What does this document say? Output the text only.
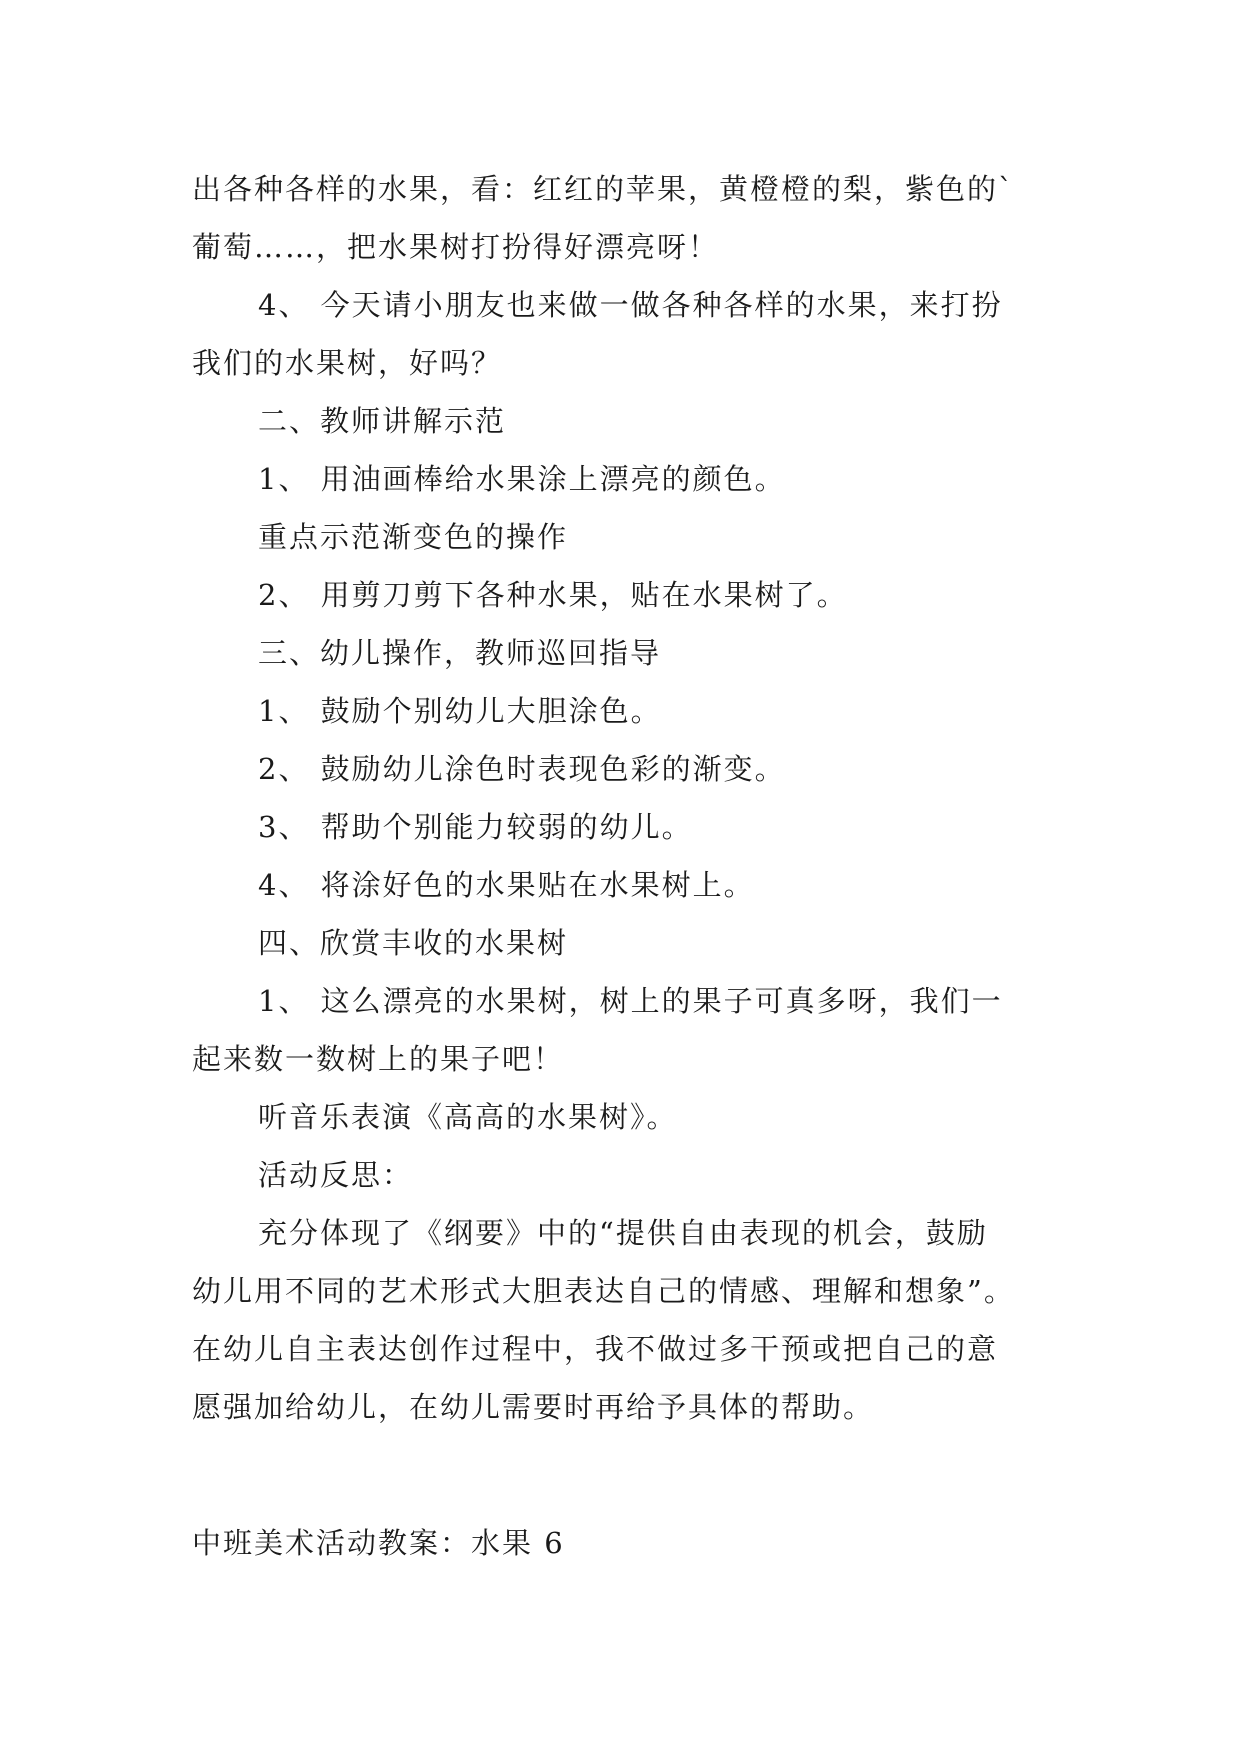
出各种各样的水果，看：红红的苹果，黄橙橙的梨，紫色的`

葡萄……，把水果树打扮得好漂亮呀！

4、 今天请小朋友也来做一做各种各样的水果，来打扮

我们的水果树，好吗？

二、教师讲解示范

1、 用油画棒给水果涂上漂亮的颜色。

重点示范渐变色的操作

2、 用剪刀剪下各种水果，贴在水果树了。

三、幼儿操作，教师巡回指导

1、 鼓励个别幼儿大胆涂色。

2、 鼓励幼儿涂色时表现色彩的渐变。

3、 帮助个别能力较弱的幼儿。

4、 将涂好色的水果贴在水果树上。

四、欣赏丰收的水果树

1、 这么漂亮的水果树，树上的果子可真多呀，我们一

起来数一数树上的果子吧！

听音乐表演《高高的水果树》。

活动反思：

充分体现了《纲要》中的“提供自由表现的机会，鼓励

幼儿用不同的艺术形式大胆表达自己的情感、理解和想象”。

在幼儿自主表达创作过程中，我不做过多干预或把自己的意

愿强加给幼儿，在幼儿需要时再给予具体的帮助。

中班美术活动教案：水果 6
